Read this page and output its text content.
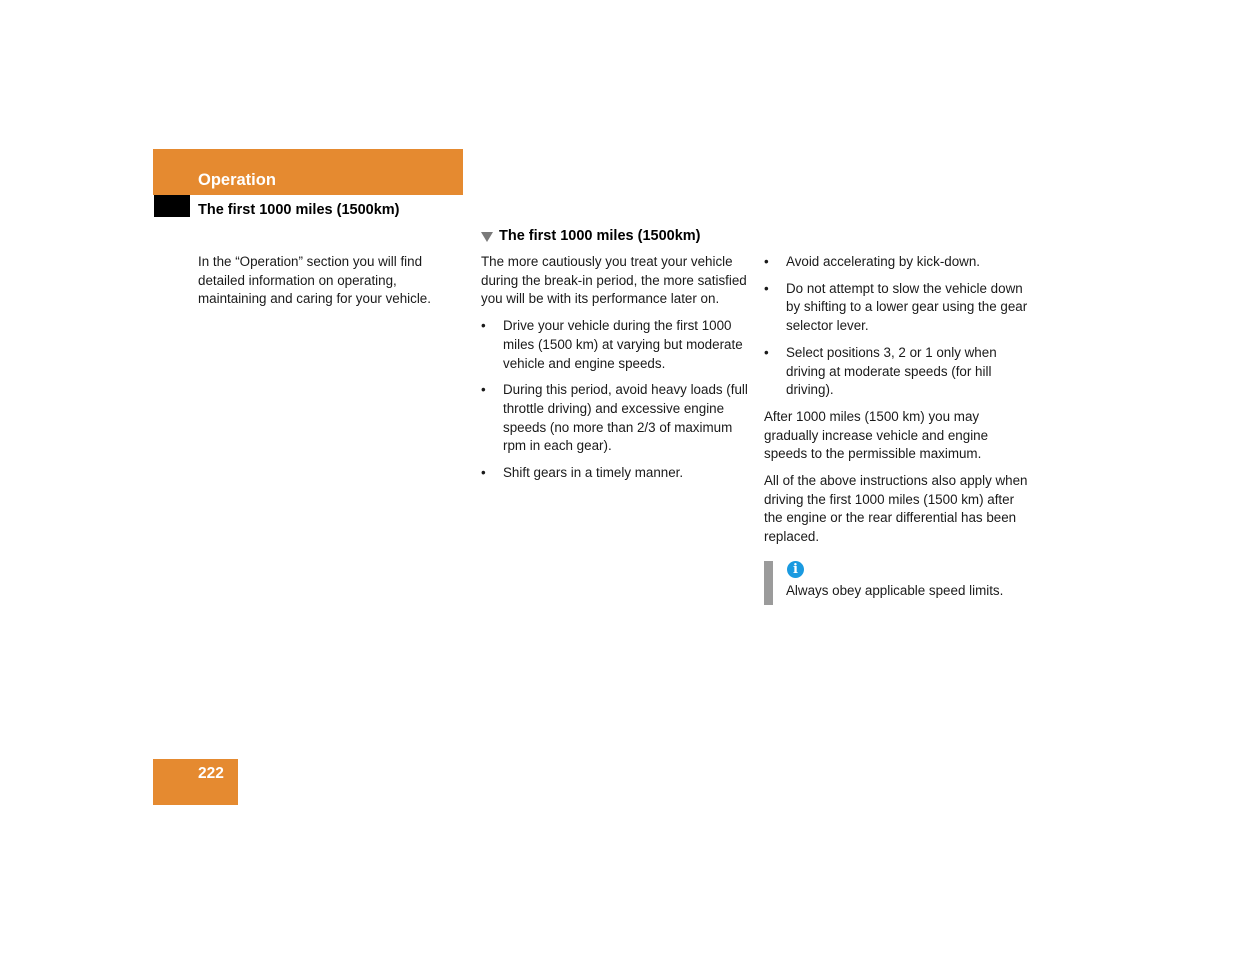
Operation
The first 1000 miles (1500km)
In the “Operation” section you will find detailed information on operating, maintaining and caring for your vehicle.
The first 1000 miles (1500km)

The more cautiously you treat your vehicle during the break-in period, the more satisfied you will be with its performance later on.

• Drive your vehicle during the first 1000 miles (1500 km) at varying but moderate vehicle and engine speeds.
• During this period, avoid heavy loads (full throttle driving) and excessive engine speeds (no more than 2/3 of maximum rpm in each gear).
• Shift gears in a timely manner.
• Avoid accelerating by kick-down.
• Do not attempt to slow the vehicle down by shifting to a lower gear using the gear selector lever.
• Select positions 3, 2 or 1 only when driving at moderate speeds (for hill driving).

After 1000 miles (1500 km) you may gradually increase vehicle and engine speeds to the permissible maximum.

All of the above instructions also apply when driving the first 1000 miles (1500 km) after the engine or the rear differential has been replaced.

i
Always obey applicable speed limits.
222
